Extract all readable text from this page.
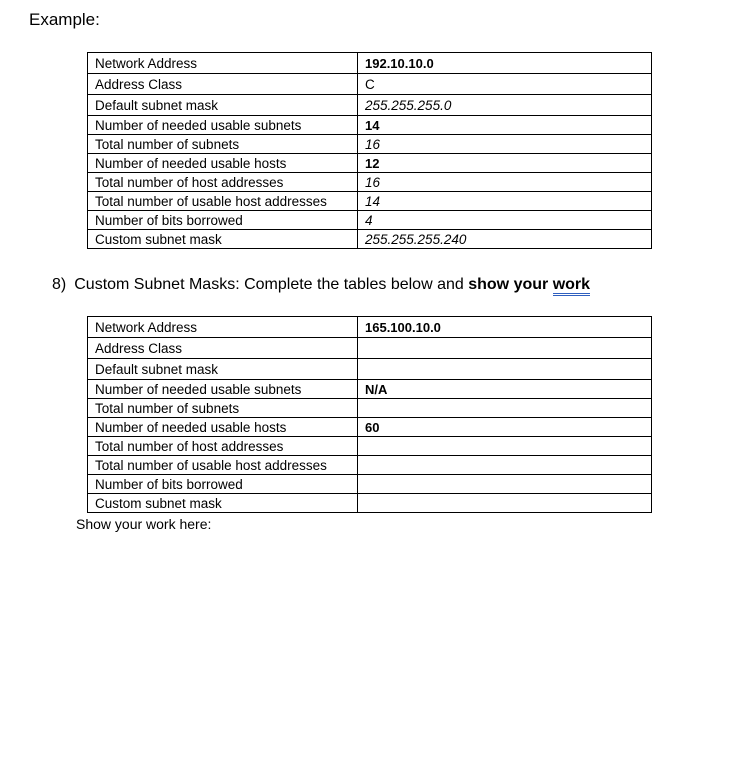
Example:
Network Address	192.10.10.0
Address Class	C
Default subnet mask	255.255.255.0
Number of needed usable subnets	14
Total number of subnets	16
Number of needed usable hosts	12
Total number of host addresses	16
Total number of usable host addresses	14
Number of bits borrowed	4
Custom subnet mask	255.255.255.240

8) Custom Subnet Masks: Complete the tables below and show your work

Network Address	165.100.10.0
Address Class	
Default subnet mask	
Number of needed usable subnets	N/A
Total number of subnets	
Number of needed usable hosts	60
Total number of host addresses	
Total number of usable host addresses	
Number of bits borrowed	
Custom subnet mask	

Show your work here:
